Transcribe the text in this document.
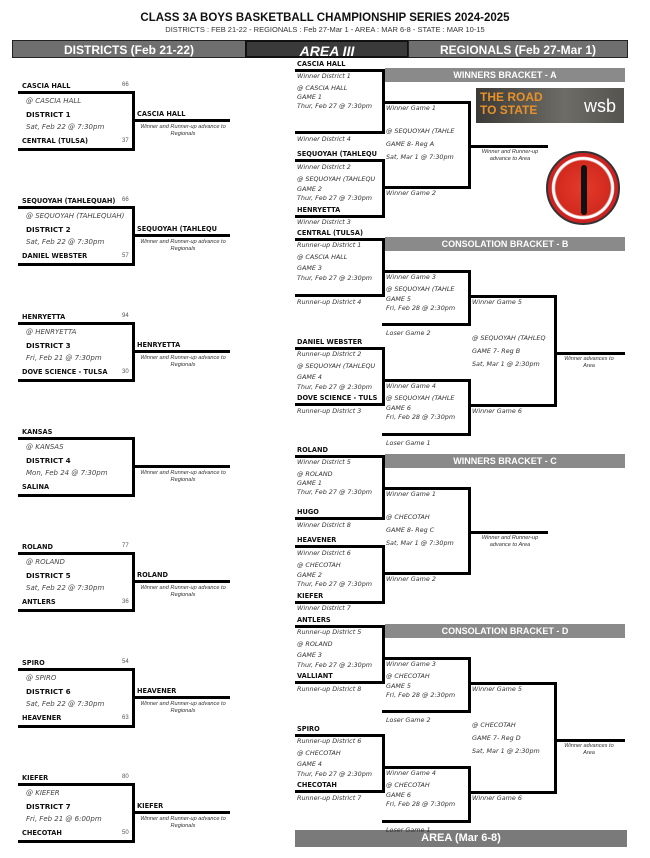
CLASS 3A BOYS BASKETBALL CHAMPIONSHIP SERIES 2024-2025
DISTRICTS : FEB 21-22 - REGIONALS : Feb 27-Mar 1 - AREA : MAR 6-8 - STATE : MAR 10-15
DISTRICTS (Feb 21-22)	AREA III	REGIONALS (Feb 27-Mar 1)
THE ROAD
TO STATE	wsb
AREA (Mar 6-8)
CASCIA HALL	66
@ CASCIA HALL
DISTRICT 1
Sat, Feb 22 @ 7:30pm
CENTRAL (TULSA)	37
CASCIA HALL
Winner and Runner-up advance to Regionals
SEQUOYAH (TAHLEQUAH)	66
@ SEQUOYAH (TAHLEQUAH)
DISTRICT 2
Sat, Feb 22 @ 7:30pm
DANIEL WEBSTER	57
SEQUOYAH (TAHLEQU
Winner and Runner-up advance to Regionals
HENRYETTA	94
@ HENRYETTA
DISTRICT 3
Fri, Feb 21 @ 7:30pm
DOVE SCIENCE - TULSA	30
HENRYETTA
Winner and Runner-up advance to Regionals
KANSAS
@ KANSAS
DISTRICT 4
Mon, Feb 24 @ 7:30pm
SALINA
Winner and Runner-up advance to Regionals
ROLAND	77
@ ROLAND
DISTRICT 5
Sat, Feb 22 @ 7:30pm
ANTLERS	36
ROLAND
Winner and Runner-up advance to Regionals
SPIRO	54
@ SPIRO
DISTRICT 6
Sat, Feb 22 @ 7:30pm
HEAVENER	63
HEAVENER
Winner and Runner-up advance to Regionals
KIEFER	80
@ KIEFER
DISTRICT 7
Fri, Feb 21 @ 6:00pm
CHECOTAH	50
KIEFER
Winner and Runner-up advance to Regionals
WINNERS BRACKET - A
CASCIA HALL
Winner District 1
@ CASCIA HALL
GAME 1
Thur, Feb 27 @ 7:30pm
Winner District 4
SEQUOYAH (TAHLEQU
Winner District 2
@ SEQUOYAH (TAHLEQU
GAME 2
Thur, Feb 27 @ 7:30pm
HENRYETTA
Winner District 3
Winner Game 1
@ SEQUOYAH (TAHLE
GAME 8- Reg A
Sat, Mar 1 @ 7:30pm
Winner Game 2
Winner and Runner-up advance to Area
WINNERS BRACKET - C
ROLAND
Winner District 5
@ ROLAND
GAME 1
Thur, Feb 27 @ 7:30pm
HUGO
Winner District 8
HEAVENER
Winner District 6
@ CHECOTAH
GAME 2
Thur, Feb 27 @ 7:30pm
KIEFER
Winner District 7
Winner Game 1
@ CHECOTAH
GAME 8- Reg C
Sat, Mar 1 @ 7:30pm
Winner Game 2
Winner and Runner-up advance to Area
CONSOLATION BRACKET - B
CENTRAL (TULSA)
Runner-up District 1
@ CASCIA HALL
GAME 3
Thur, Feb 27 @ 2:30pm
Runner-up District 4
DANIEL WEBSTER
Runner-up District 2
@ SEQUOYAH (TAHLEQU
GAME 4
Thur, Feb 27 @ 2:30pm
DOVE SCIENCE - TULS
Runner-up District 3
Winner Game 3
@ SEQUOYAH (TAHLE
GAME 5
Fri, Feb 28 @ 2:30pm
Loser Game 2
Winner Game 4
@ SEQUOYAH (TAHLE
GAME 6
Fri, Feb 28 @ 7:30pm
Loser Game 1
Winner Game 5
@ SEQUOYAH (TAHLEQ
GAME 7- Reg B
Sat, Mar 1 @ 2:30pm
Winner Game 6
Winner advances to Area
CONSOLATION BRACKET - D
ANTLERS
Runner-up District 5
@ ROLAND
GAME 3
Thur, Feb 27 @ 2:30pm
VALLIANT
Runner-up District 8
SPIRO
Runner-up District 6
@ CHECOTAH
GAME 4
Thur, Feb 27 @ 2:30pm
CHECOTAH
Runner-up District 7
Winner Game 3
@ CHECOTAH
GAME 5
Fri, Feb 28 @ 2:30pm
Loser Game 2
Winner Game 4
@ CHECOTAH
GAME 6
Fri, Feb 28 @ 7:30pm
Loser Game 1
Winner Game 5
@ CHECOTAH
GAME 7- Reg D
Sat, Mar 1 @ 2:30pm
Winner Game 6
Winner advances to Area
